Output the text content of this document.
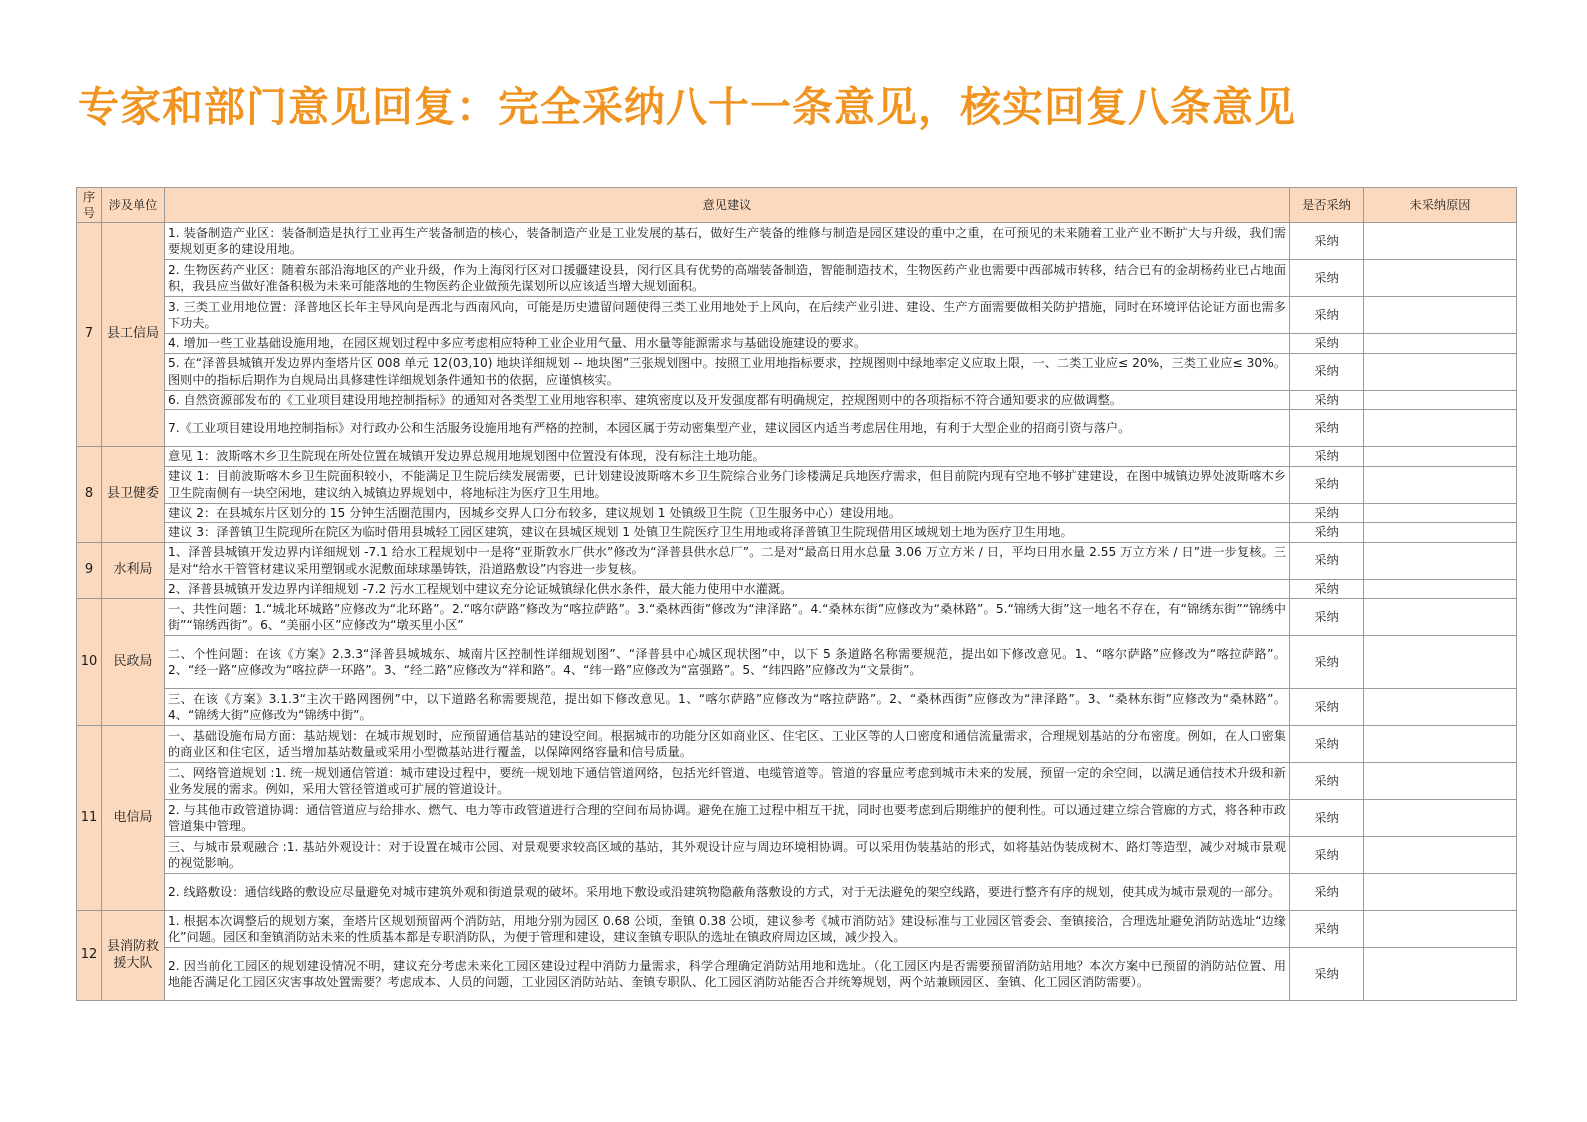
专家和部门意见回复：完全采纳八十一条意见，核实回复八条意见
序号	涉及单位	意见建议	是否采纳	未采纳原因
7	县工信局	1. 装备制造产业区：装备制造是执行工业再生产装备制造的核心，装备制造产业是工业发展的基石，做好生产装备的维修与制造是园区建设的重中之重，在可预见的未来随着工业产业不断扩大与升级，我们需要规划更多的建设用地。	采纳	
		2. 生物医药产业区：随着东部沿海地区的产业升级，作为上海闵行区对口援疆建设县，闵行区具有优势的高端装备制造，智能制造技术，生物医药产业也需要中西部城市转移，结合已有的金胡杨药业已占地面积，我县应当做好准备积极为未来可能落地的生物医药企业做预先谋划所以应该适当增大规划面积。	采纳	
		3. 三类工业用地位置：泽普地区长年主导风向是西北与西南风向，可能是历史遗留问题使得三类工业用地处于上风向，在后续产业引进、建设、生产方面需要做相关防护措施，同时在环境评估论证方面也需多下功夫。	采纳	
		4. 增加一些工业基础设施用地，在园区规划过程中多应考虑相应特种工业企业用气量、用水量等能源需求与基础设施建设的要求。	采纳	
		5. 在“泽普县城镇开发边界内奎塔片区 008 单元 12(03,10) 地块详细规划 -- 地块图”三张规划图中。按照工业用地指标要求，控规图则中绿地率定义应取上限，一、二类工业应≤ 20%，三类工业应≤ 30%。图则中的指标后期作为自规局出具修建性详细规划条件通知书的依据，应谨慎核实。	采纳	
		6. 自然资源部发布的《工业项目建设用地控制指标》的通知对各类型工业用地容积率、建筑密度以及开发强度都有明确规定，控规图则中的各项指标不符合通知要求的应做调整。	采纳	
		7.《工业项目建设用地控制指标》对行政办公和生活服务设施用地有严格的控制，本园区属于劳动密集型产业，建议园区内适当考虑居住用地，有利于大型企业的招商引资与落户。	采纳	
8	县卫健委	意见 1：波斯喀木乡卫生院现在所处位置在城镇开发边界总规用地规划图中位置没有体现，没有标注土地功能。	采纳	
		建议 1：目前波斯喀木乡卫生院面积较小，不能满足卫生院后续发展需要，已计划建设波斯喀木乡卫生院综合业务门诊楼满足兵地医疗需求，但目前院内现有空地不够扩建建设，在图中城镇边界处波斯喀木乡卫生院南侧有一块空闲地，建议纳入城镇边界规划中，将地标注为医疗卫生用地。	采纳	
		建议 2：在县城东片区划分的 15 分钟生活圈范围内，因城乡交界人口分布较多，建议规划 1 处镇级卫生院（卫生服务中心）建设用地。	采纳	
		建议 3：泽普镇卫生院现所在院区为临时借用县城轻工园区建筑，建议在县城区规划 1 处镇卫生院医疗卫生用地或将泽普镇卫生院现借用区域规划土地为医疗卫生用地。	采纳	
9	水利局	1、泽普县城镇开发边界内详细规划 -7.1 给水工程规划中一是将“亚斯敦水厂供水”修改为“泽普县供水总厂”。二是对“最高日用水总量 3.06 万立方米 / 日，平均日用水量 2.55 万立方米 / 日”进一步复核。三是对“给水干管管材建议采用塑钢或水泥敷面球球墨铸铁，沿道路敷设”内容进一步复核。	采纳	
		2、泽普县城镇开发边界内详细规划 -7.2 污水工程规划中建议充分论证城镇绿化供水条件，最大能力使用中水灌溉。	采纳	
10	民政局	一、共性问题：1.“城北环城路”应修改为“北环路”。2.“喀尔萨路”修改为“喀拉萨路”。3.“桑林西街”修改为“津泽路”。4.“桑林东街”应修改为“桑林路”。5.“锦绣大街”这一地名不存在，有“锦绣东街”“锦绣中街”“锦绣西街”。6、“美丽小区”应修改为“墩买里小区”	采纳	
		二、个性问题：在该《方案》2.3.3“泽普县城城东、城南片区控制性详细规划图”、“泽普县中心城区现状图”中，以下 5 条道路名称需要规范，提出如下修改意见。1、“喀尔萨路”应修改为“喀拉萨路”。2、“经一路”应修改为“喀拉萨一环路”。3、“经二路”应修改为“祥和路”。4、“纬一路”应修改为“富强路”。5、“纬四路”应修改为“文景街”。	采纳	
		三、在该《方案》3.1.3“主次干路网图例”中，以下道路名称需要规范，提出如下修改意见。1、“喀尔萨路”应修改为“喀拉萨路”。2、“桑林西街”应修改为“津泽路”。3、“桑林东街”应修改为“桑林路”。4、“锦绣大街”应修改为“锦绣中街”。	采纳	
11	电信局	一、基础设施布局方面：基站规划：在城市规划时，应预留通信基站的建设空间。根据城市的功能分区如商业区、住宅区、工业区等的人口密度和通信流量需求，合理规划基站的分布密度。例如，在人口密集的商业区和住宅区，适当增加基站数量或采用小型微基站进行覆盖，以保障网络容量和信号质量。	采纳	
		二、网络管道规划 :1. 统一规划通信管道：城市建设过程中，要统一规划地下通信管道网络，包括光纤管道、电缆管道等。管道的容量应考虑到城市未来的发展，预留一定的余空间，以满足通信技术升级和新业务发展的需求。例如，采用大管径管道或可扩展的管道设计。	采纳	
		2. 与其他市政管道协调：通信管道应与给排水、燃气、电力等市政管道进行合理的空间布局协调。避免在施工过程中相互干扰，同时也要考虑到后期维护的便利性。可以通过建立综合管廊的方式，将各种市政管道集中管理。	采纳	
		三、与城市景观融合 :1. 基站外观设计：对于设置在城市公园、对景观要求较高区域的基站，其外观设计应与周边环境相协调。可以采用伪装基站的形式，如将基站伪装成树木、路灯等造型，减少对城市景观的视觉影响。	采纳	
		2. 线路敷设：通信线路的敷设应尽量避免对城市建筑外观和街道景观的破坏。采用地下敷设或沿建筑物隐蔽角落敷设的方式，对于无法避免的架空线路，要进行整齐有序的规划，使其成为城市景观的一部分。	采纳	
12	县消防救援大队	1. 根据本次调整后的规划方案，奎塔片区规划预留两个消防站，用地分别为园区 0.68 公顷，奎镇 0.38 公顷，建议参考《城市消防站》建设标准与工业园区管委会、奎镇接洽，合理选址避免消防站选址“边缘化”问题。园区和奎镇消防站未来的性质基本都是专职消防队，为便于管理和建设，建议奎镇专职队的选址在镇政府周边区域，减少投入。	采纳	
		2. 因当前化工园区的规划建设情况不明，建议充分考虑未来化工园区建设过程中消防力量需求，科学合理确定消防站用地和选址。（化工园区内是否需要预留消防站用地？本次方案中已预留的消防站位置、用地能否满足化工园区灾害事故处置需要？考虑成本、人员的问题，工业园区消防站站、奎镇专职队、化工园区消防站能否合并统筹规划，两个站兼顾园区、奎镇、化工园区消防需要）。	采纳	
